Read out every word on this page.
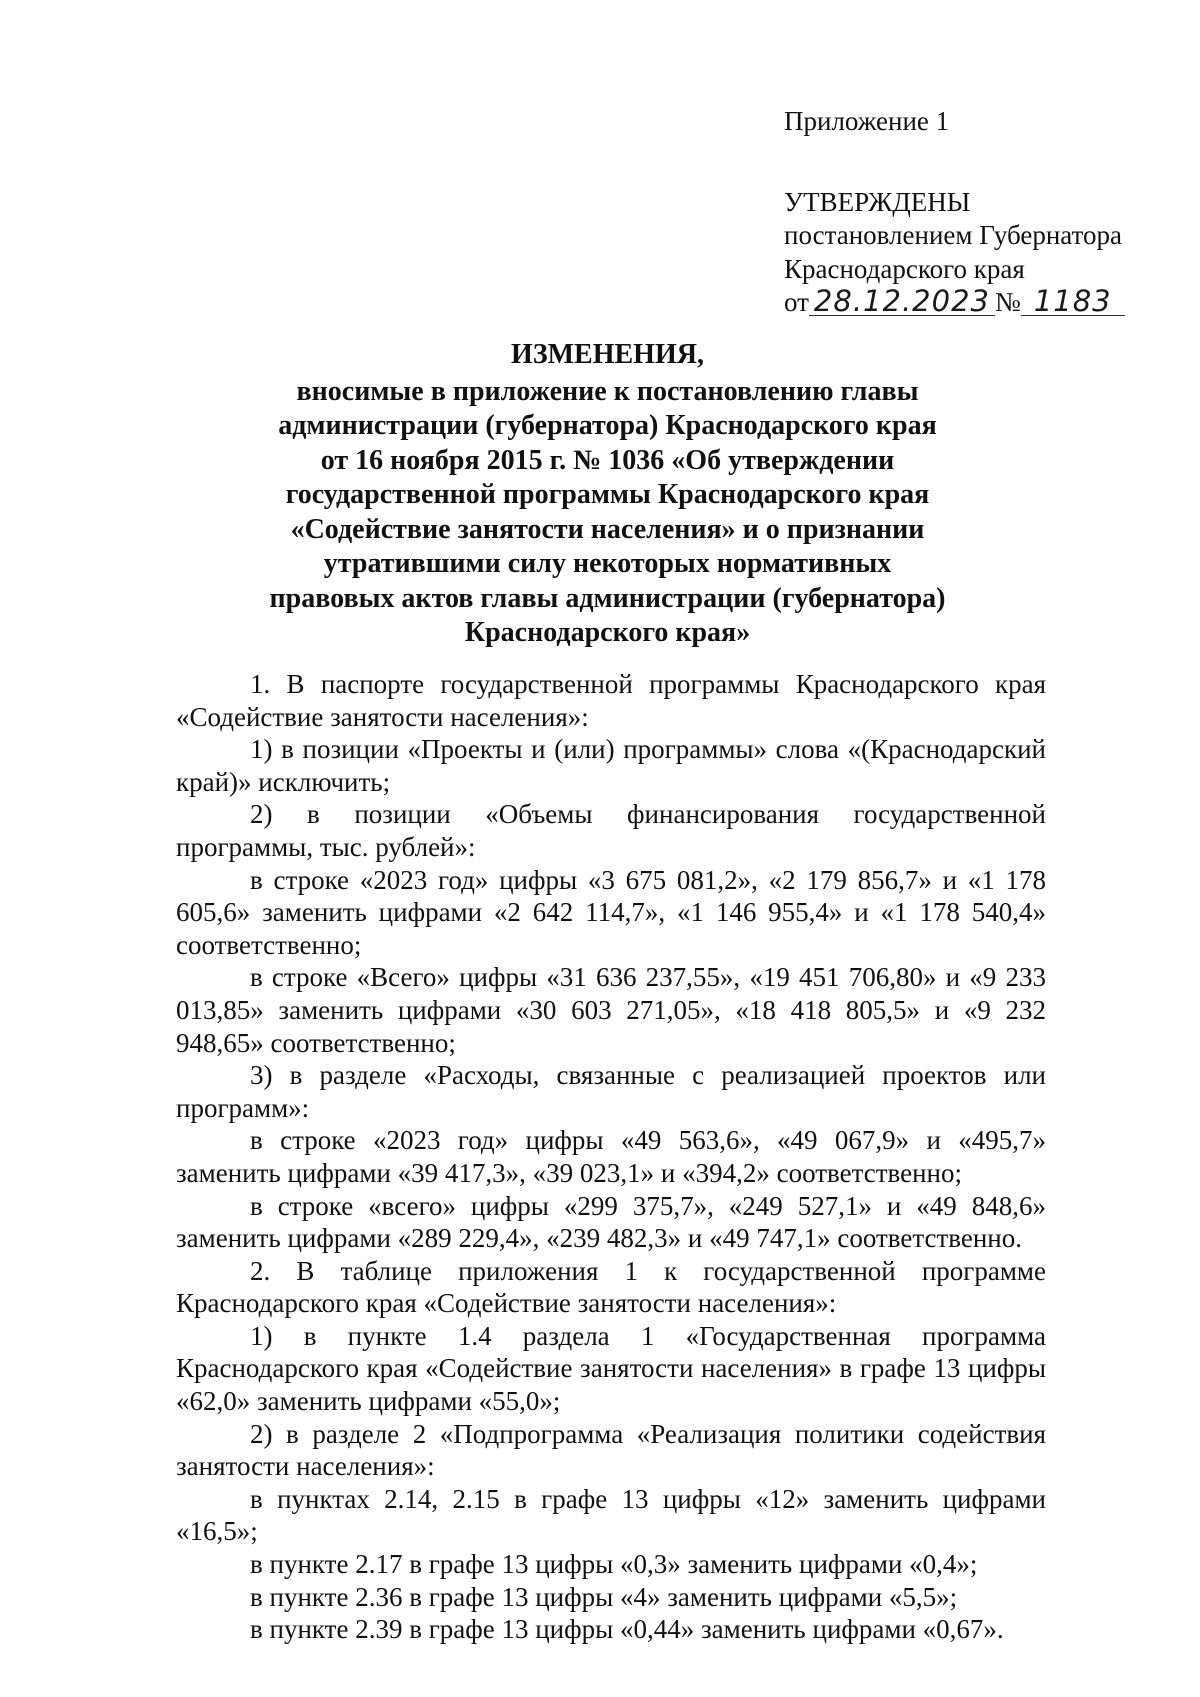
Приложение 1
УТВЕРЖДЕНЫ
постановлением Губернатора
Краснодарского края
от 28.12.2023 № 1183
ИЗМЕНЕНИЯ,
вносимые в приложение к постановлению главы
администрации (губернатора) Краснодарского края
от 16 ноября 2015 г. № 1036 «Об утверждении
государственной программы Краснодарского края
«Содействие занятости населения» и о признании
утратившими силу некоторых нормативных
правовых актов главы администрации (губернатора)
Краснодарского края»

1. В паспорте государственной программы Краснодарского края «Содействие занятости населения»:

1) в позиции «Проекты и (или) программы» слова «(Краснодарский край)» исключить;

2) в позиции «Объемы финансирования государственной программы, тыс. рублей»:

в строке «2023 год» цифры «3 675 081,2», «2 179 856,7» и «1 178 605,6» заменить цифрами «2 642 114,7», «1 146 955,4» и «1 178 540,4» соответственно;

в строке «Всего» цифры «31 636 237,55», «19 451 706,80» и «9 233 013,85» заменить цифрами «30 603 271,05», «18 418 805,5» и «9 232 948,65» соответственно;

3) в разделе «Расходы, связанные с реализацией проектов или программ»:

в строке «2023 год» цифры «49 563,6», «49 067,9» и «495,7» заменить цифрами «39 417,3», «39 023,1» и «394,2» соответственно;

в строке «всего» цифры «299 375,7», «249 527,1» и «49 848,6» заменить цифрами «289 229,4», «239 482,3» и «49 747,1» соответственно.

2. В таблице приложения 1 к государственной программе Краснодарского края «Содействие занятости населения»:

1) в пункте 1.4 раздела 1 «Государственная программа Краснодарского края «Содействие занятости населения» в графе 13 цифры «62,0» заменить цифрами «55,0»;

2) в разделе 2 «Подпрограмма «Реализация политики содействия занятости населения»:

в пунктах 2.14, 2.15 в графе 13 цифры «12» заменить цифрами «16,5»;

в пункте 2.17 в графе 13 цифры «0,3» заменить цифрами «0,4»;

в пункте 2.36 в графе 13 цифры «4» заменить цифрами «5,5»;

в пункте 2.39 в графе 13 цифры «0,44» заменить цифрами «0,67».
